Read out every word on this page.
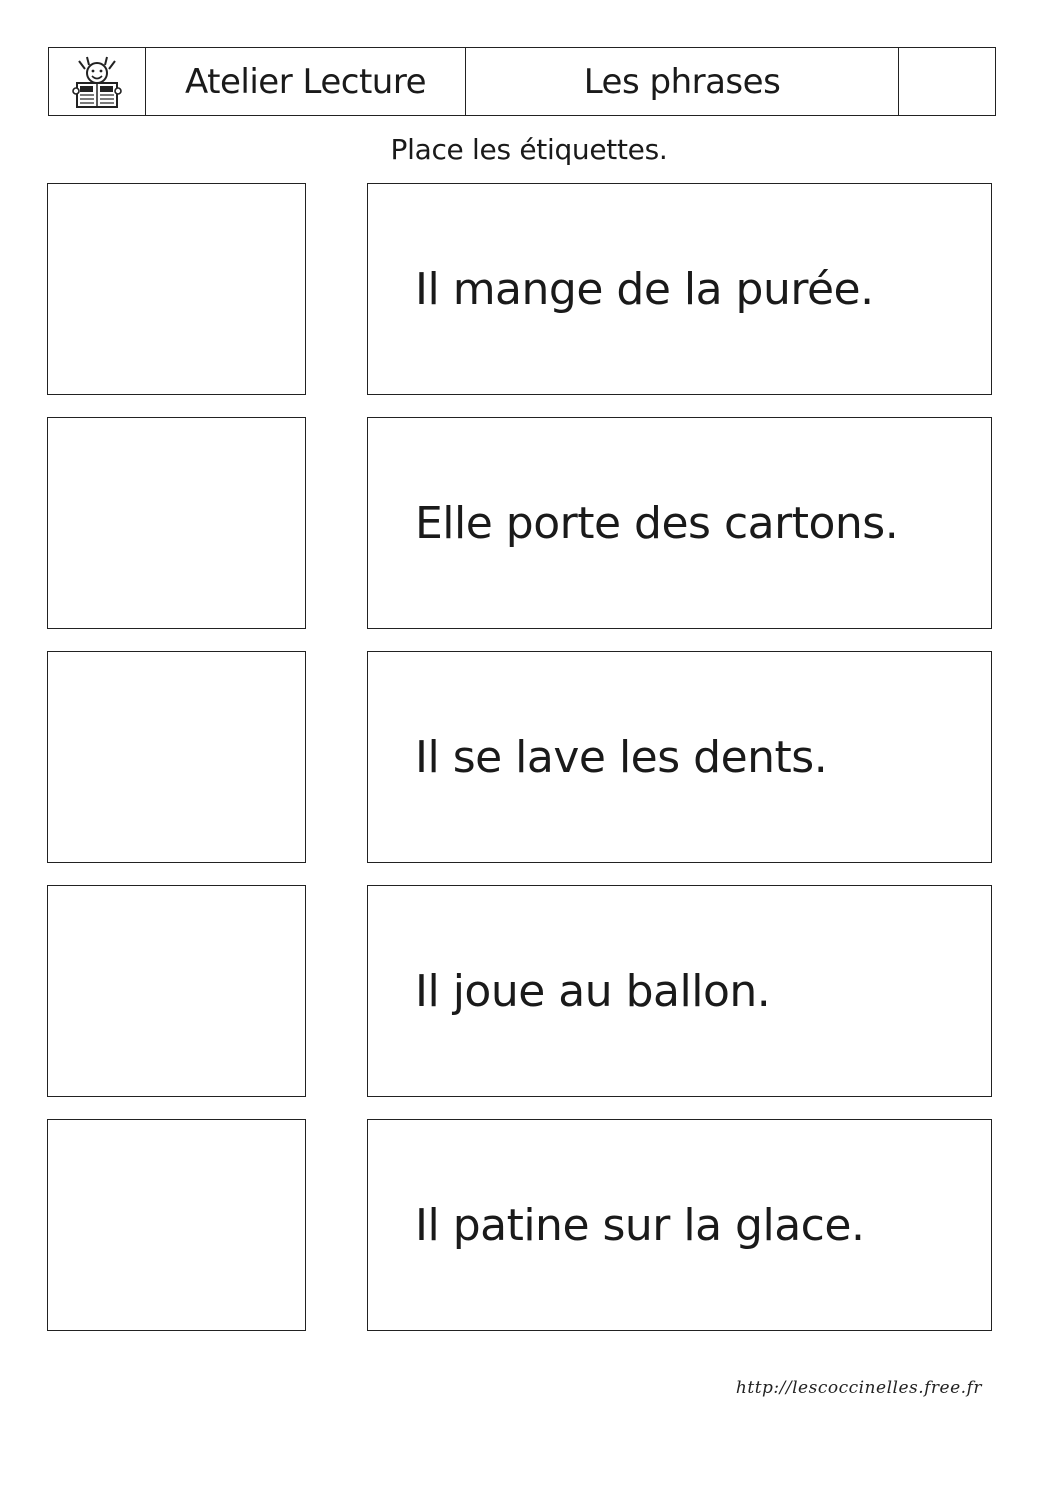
Atelier Lecture	Les phrases
Place les étiquettes.
Il mange de la purée.
Elle porte des cartons.
Il se lave les dents.
Il joue au ballon.
Il patine sur la glace.
http://lescoccinelles.free.fr
